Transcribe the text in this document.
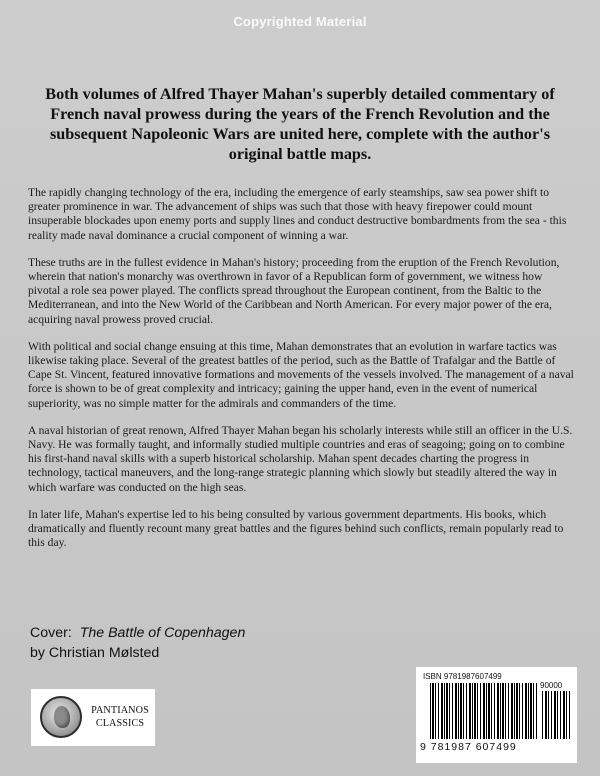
Copyrighted Material
Both volumes of Alfred Thayer Mahan's superbly detailed commentary of French naval prowess during the years of the French Revolution and the subsequent Napoleonic Wars are united here, complete with the author's original battle maps.

The rapidly changing technology of the era, including the emergence of early steamships, saw sea power shift to greater prominence in war. The advancement of ships was such that those with heavy firepower could mount insuperable blockades upon enemy ports and supply lines and conduct destructive bombardments from the sea - this reality made naval dominance a crucial component of winning a war.

These truths are in the fullest evidence in Mahan's history; proceeding from the eruption of the French Revolution, wherein that nation's monarchy was overthrown in favor of a Republican form of government, we witness how pivotal a role sea power played. The conflicts spread throughout the European continent, from the Baltic to the Mediterranean, and into the New World of the Caribbean and North American. For every major power of the era, acquiring naval prowess proved crucial.

With political and social change ensuing at this time, Mahan demonstrates that an evolution in warfare tactics was likewise taking place. Several of the greatest battles of the period, such as the Battle of Trafalgar and the Battle of Cape St. Vincent, featured innovative formations and movements of the vessels involved. The management of a naval force is shown to be of great complexity and intricacy; gaining the upper hand, even in the event of numerical superiority, was no simple matter for the admirals and commanders of the time.

A naval historian of great renown, Alfred Thayer Mahan began his scholarly interests while still an officer in the U.S. Navy. He was formally taught, and informally studied multiple countries and eras of seagoing; going on to combine his first-hand naval skills with a superb historical scholarship. Mahan spent decades charting the progress in technology, tactical maneuvers, and the long-range strategic planning which slowly but steadily altered the way in which warfare was conducted on the high seas.

In later life, Mahan's expertise led to his being consulted by various government departments. His books, which dramatically and fluently recount many great battles and the figures behind such conflicts, remain popularly read to this day.

Cover: The Battle of Copenhagen
by Christian Mølsted
PANTIANOS
CLASSICS
ISBN 9781987607499
90000
9 781987 607499
